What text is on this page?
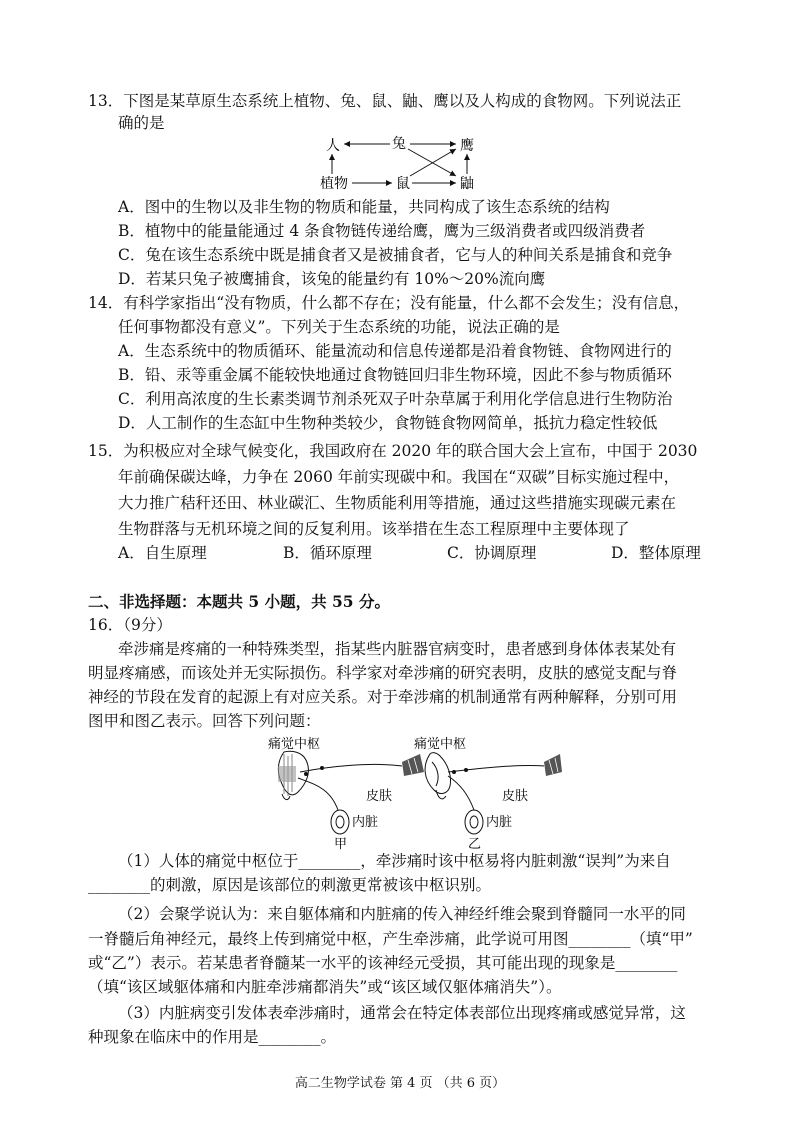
13．下图是某草原生态系统上植物、兔、鼠、鼬、鹰以及人构成的食物网。下列说法正
确的是
人	兔	鹰
植物	鼠	鼬
A．图中的生物以及非生物的物质和能量，共同构成了该生态系统的结构
B．植物中的能量能通过 4 条食物链传递给鹰，鹰为三级消费者或四级消费者
C．兔在该生态系统中既是捕食者又是被捕食者，它与人的种间关系是捕食和竞争
D．若某只兔子被鹰捕食，该兔的能量约有 10%～20%流向鹰
14．有科学家指出“没有物质，什么都不存在；没有能量，什么都不会发生；没有信息，
任何事物都没有意义”。下列关于生态系统的功能，说法正确的是
A．生态系统中的物质循环、能量流动和信息传递都是沿着食物链、食物网进行的
B．铅、汞等重金属不能较快地通过食物链回归非生物环境，因此不参与物质循环
C．利用高浓度的生长素类调节剂杀死双子叶杂草属于利用化学信息进行生物防治
D．人工制作的生态缸中生物种类较少，食物链食物网简单，抵抗力稳定性较低
15．为积极应对全球气候变化，我国政府在 2020 年的联合国大会上宣布，中国于 2030
年前确保碳达峰，力争在 2060 年前实现碳中和。我国在“双碳”目标实施过程中，
大力推广秸秆还田、林业碳汇、生物质能利用等措施，通过这些措施实现碳元素在
生物群落与无机环境之间的反复利用。该举措在生态工程原理中主要体现了
A．自生原理	B．循环原理	C．协调原理	D．整体原理
二、非选择题：本题共 5 小题，共 55 分。
16．（9分）
牵涉痛是疼痛的一种特殊类型，指某些内脏器官病变时，患者感到身体体表某处有
明显疼痛感，而该处并无实际损伤。科学家对牵涉痛的研究表明，皮肤的感觉支配与脊
神经的节段在发育的起源上有对应关系。对于牵涉痛的机制通常有两种解释，分别可用
图甲和图乙表示。回答下列问题：
痛觉中枢
皮肤
内脏
甲
痛觉中枢
皮肤
内脏
乙
（1）人体的痛觉中枢位于________，牵涉痛时该中枢易将内脏刺激“误判”为来自
________的刺激，原因是该部位的刺激更常被该中枢识别。
（2）会聚学说认为：来自躯体痛和内脏痛的传入神经纤维会聚到脊髓同一水平的同
一脊髓后角神经元，最终上传到痛觉中枢，产生牵涉痛，此学说可用图________（填“甲”
或“乙”）表示。若某患者脊髓某一水平的该神经元受损，其可能出现的现象是________
（填“该区域躯体痛和内脏牵涉痛都消失”或“该区域仅躯体痛消失”）。
（3）内脏病变引发体表牵涉痛时，通常会在特定体表部位出现疼痛或感觉异常，这
种现象在临床中的作用是________。
高二生物学试卷 第 4 页 （共 6 页）
